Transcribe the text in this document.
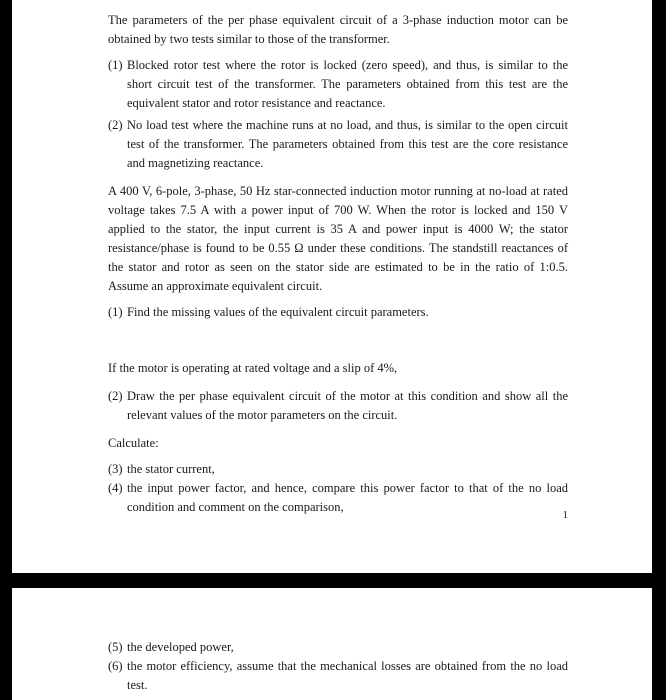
The parameters of the per phase equivalent circuit of a 3-phase induction motor can be obtained by two tests similar to those of the transformer.

(1) Blocked rotor test where the rotor is locked (zero speed), and thus, is similar to the short circuit test of the transformer. The parameters obtained from this test are the equivalent stator and rotor resistance and reactance.

(2) No load test where the machine runs at no load, and thus, is similar to the open circuit test of the transformer. The parameters obtained from this test are the core resistance and magnetizing reactance.

A 400 V, 6-pole, 3-phase, 50 Hz star-connected induction motor running at no-load at rated voltage takes 7.5 A with a power input of 700 W. When the rotor is locked and 150 V applied to the stator, the input current is 35 A and power input is 4000 W; the stator resistance/phase is found to be 0.55 Ω under these conditions. The standstill reactances of the stator and rotor as seen on the stator side are estimated to be in the ratio of 1:0.5. Assume an approximate equivalent circuit.

(1) Find the missing values of the equivalent circuit parameters.

If the motor is operating at rated voltage and a slip of 4%,

(2) Draw the per phase equivalent circuit of the motor at this condition and show all the relevant values of the motor parameters on the circuit.

Calculate:

(3) the stator current,

(4) the input power factor, and hence, compare this power factor to that of the no load condition and comment on the comparison,

1

(5) the developed power,

(6) the motor efficiency, assume that the mechanical losses are obtained from the no load test.
